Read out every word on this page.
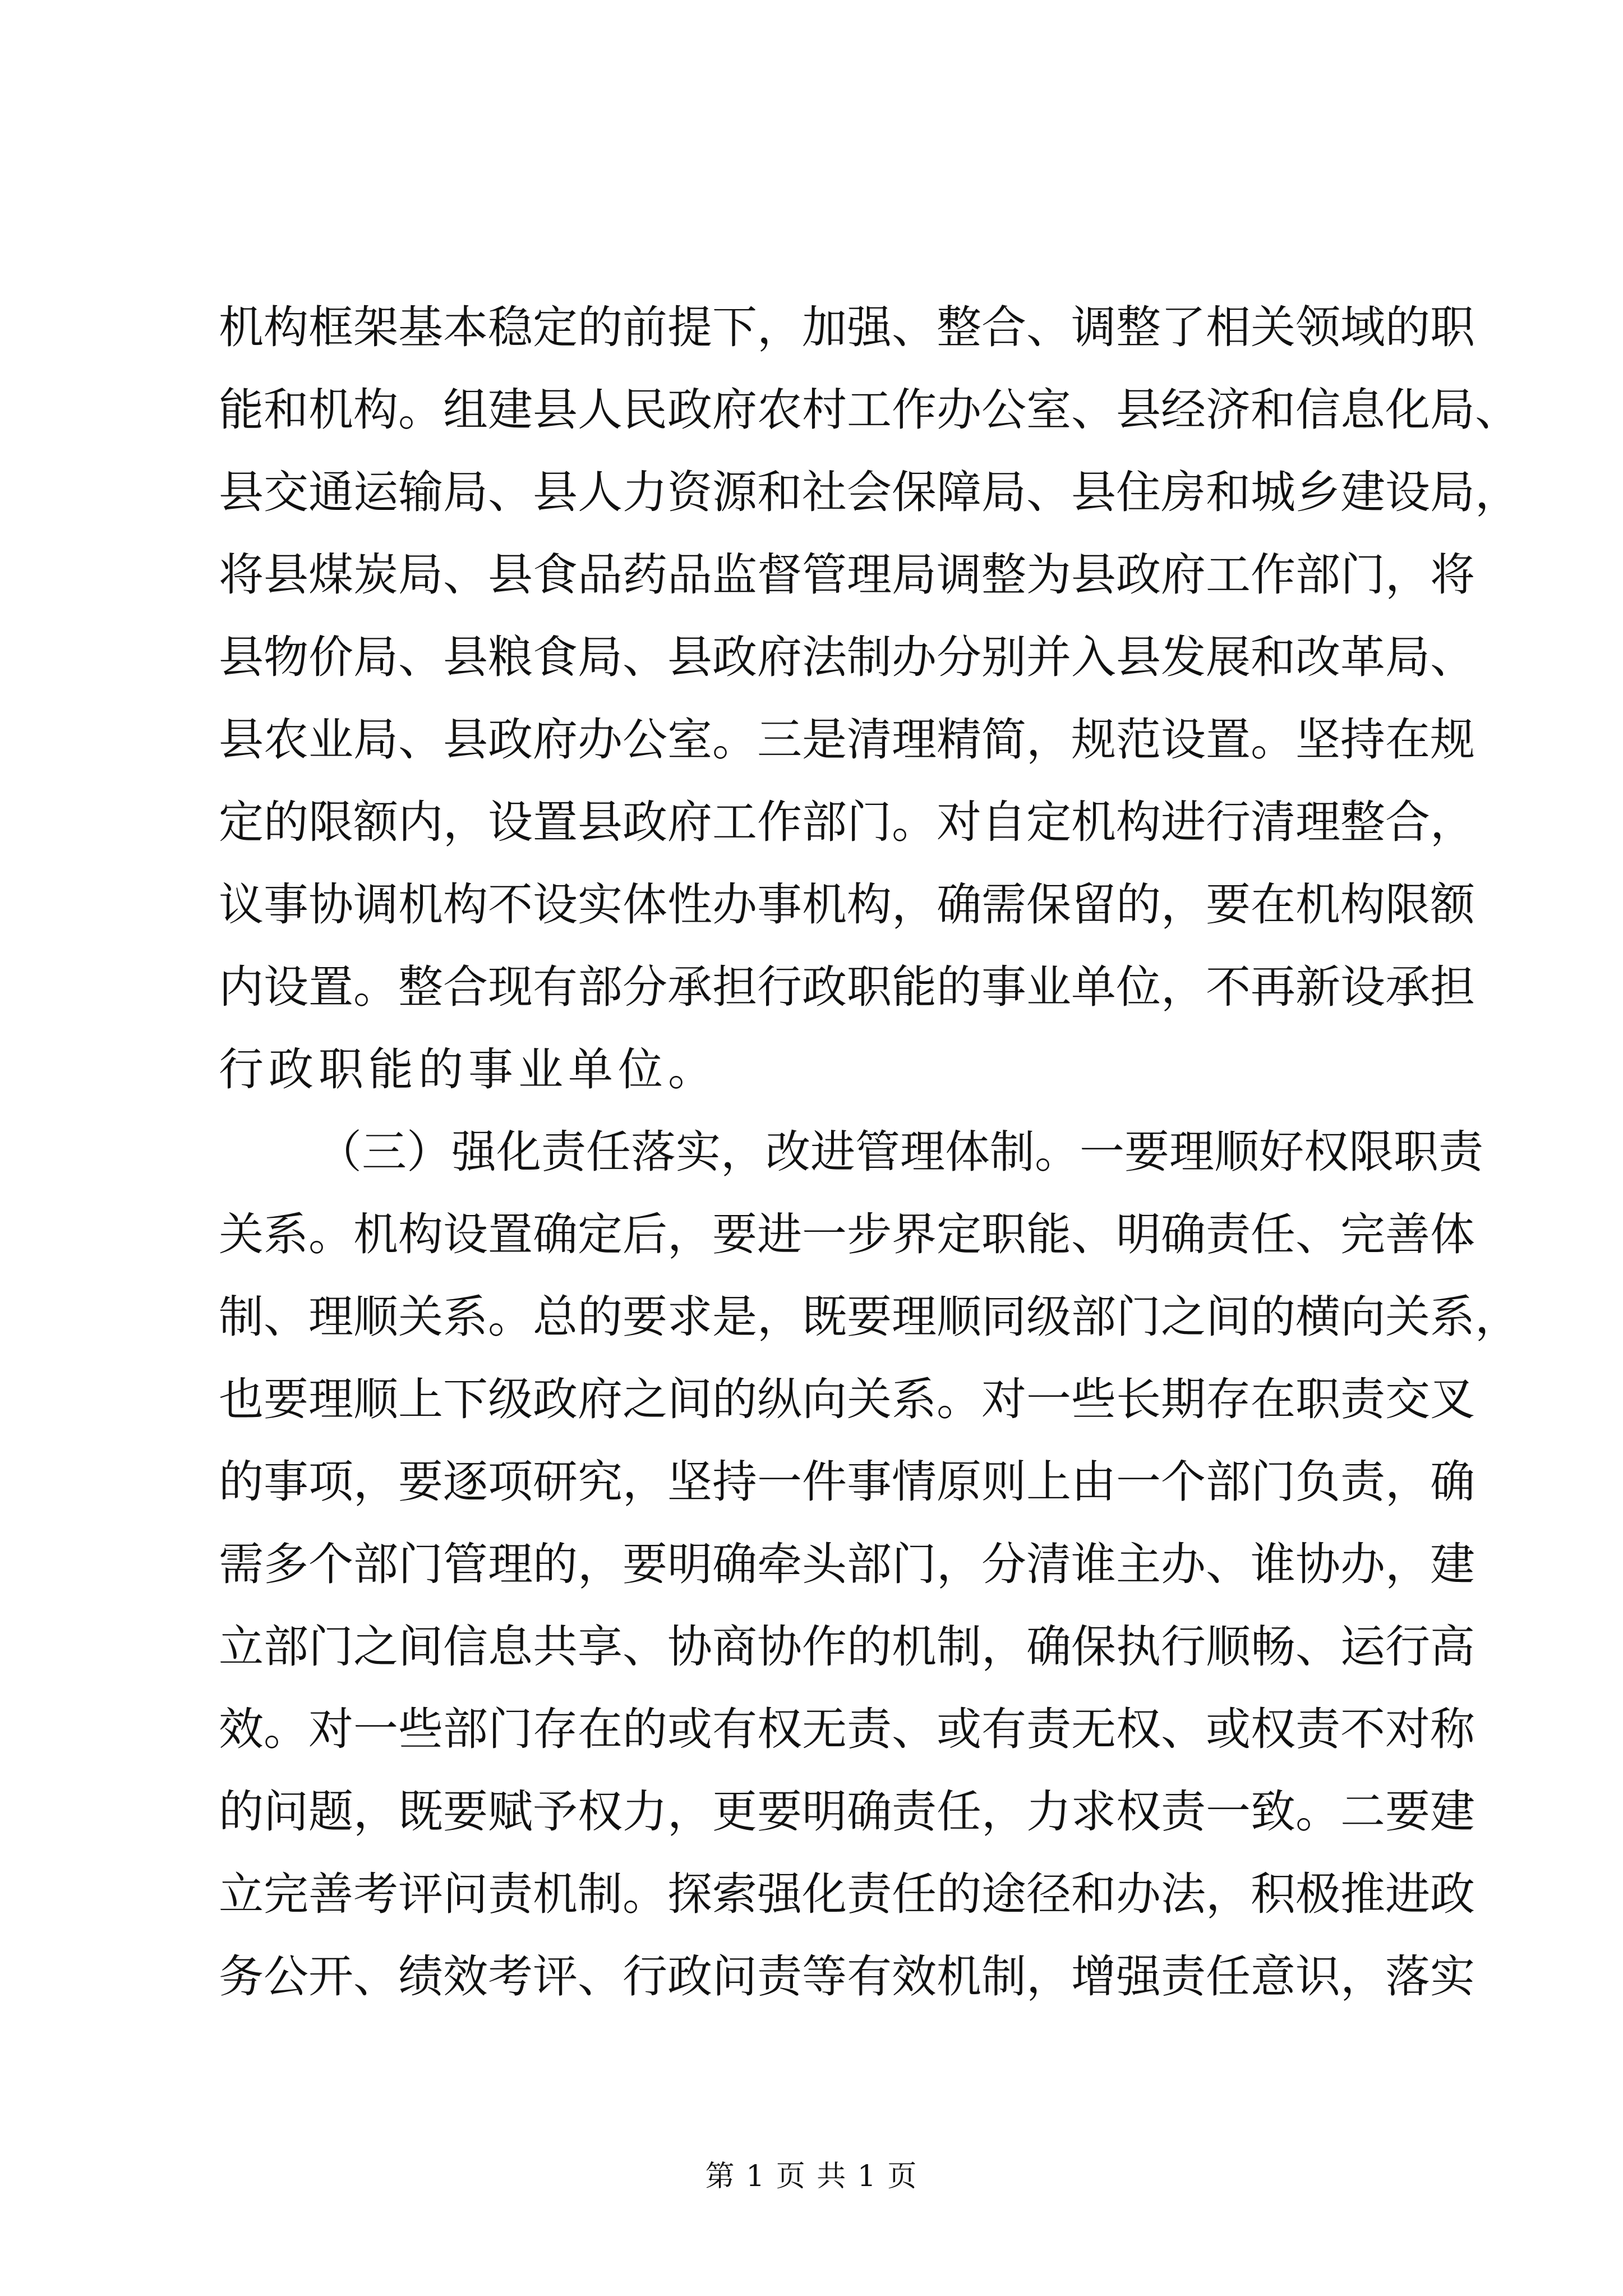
机构框架基本稳定的前提下，加强、整合、调整了相关领域的职
能和机构。组建县人民政府农村工作办公室、县经济和信息化局、
县交通运输局、县人力资源和社会保障局、县住房和城乡建设局，
将县煤炭局、县食品药品监督管理局调整为县政府工作部门，将
县物价局、县粮食局、县政府法制办分别并入县发展和改革局、
县农业局、县政府办公室。三是清理精简，规范设置。坚持在规
定的限额内，设置县政府工作部门。对自定机构进行清理整合，
议事协调机构不设实体性办事机构，确需保留的，要在机构限额
内设置。整合现有部分承担行政职能的事业单位，不再新设承担
行政职能的事业单位。
（三）强化责任落实，改进管理体制。一要理顺好权限职责
关系。机构设置确定后，要进一步界定职能、明确责任、完善体
制、理顺关系。总的要求是，既要理顺同级部门之间的横向关系，
也要理顺上下级政府之间的纵向关系。对一些长期存在职责交叉
的事项，要逐项研究，坚持一件事情原则上由一个部门负责，确
需多个部门管理的，要明确牵头部门，分清谁主办、谁协办，建
立部门之间信息共享、协商协作的机制，确保执行顺畅、运行高
效。对一些部门存在的或有权无责、或有责无权、或权责不对称
的问题，既要赋予权力，更要明确责任，力求权责一致。二要建
立完善考评问责机制。探索强化责任的途径和办法，积极推进政
务公开、绩效考评、行政问责等有效机制，增强责任意识，落实
第 1 页 共 1 页
